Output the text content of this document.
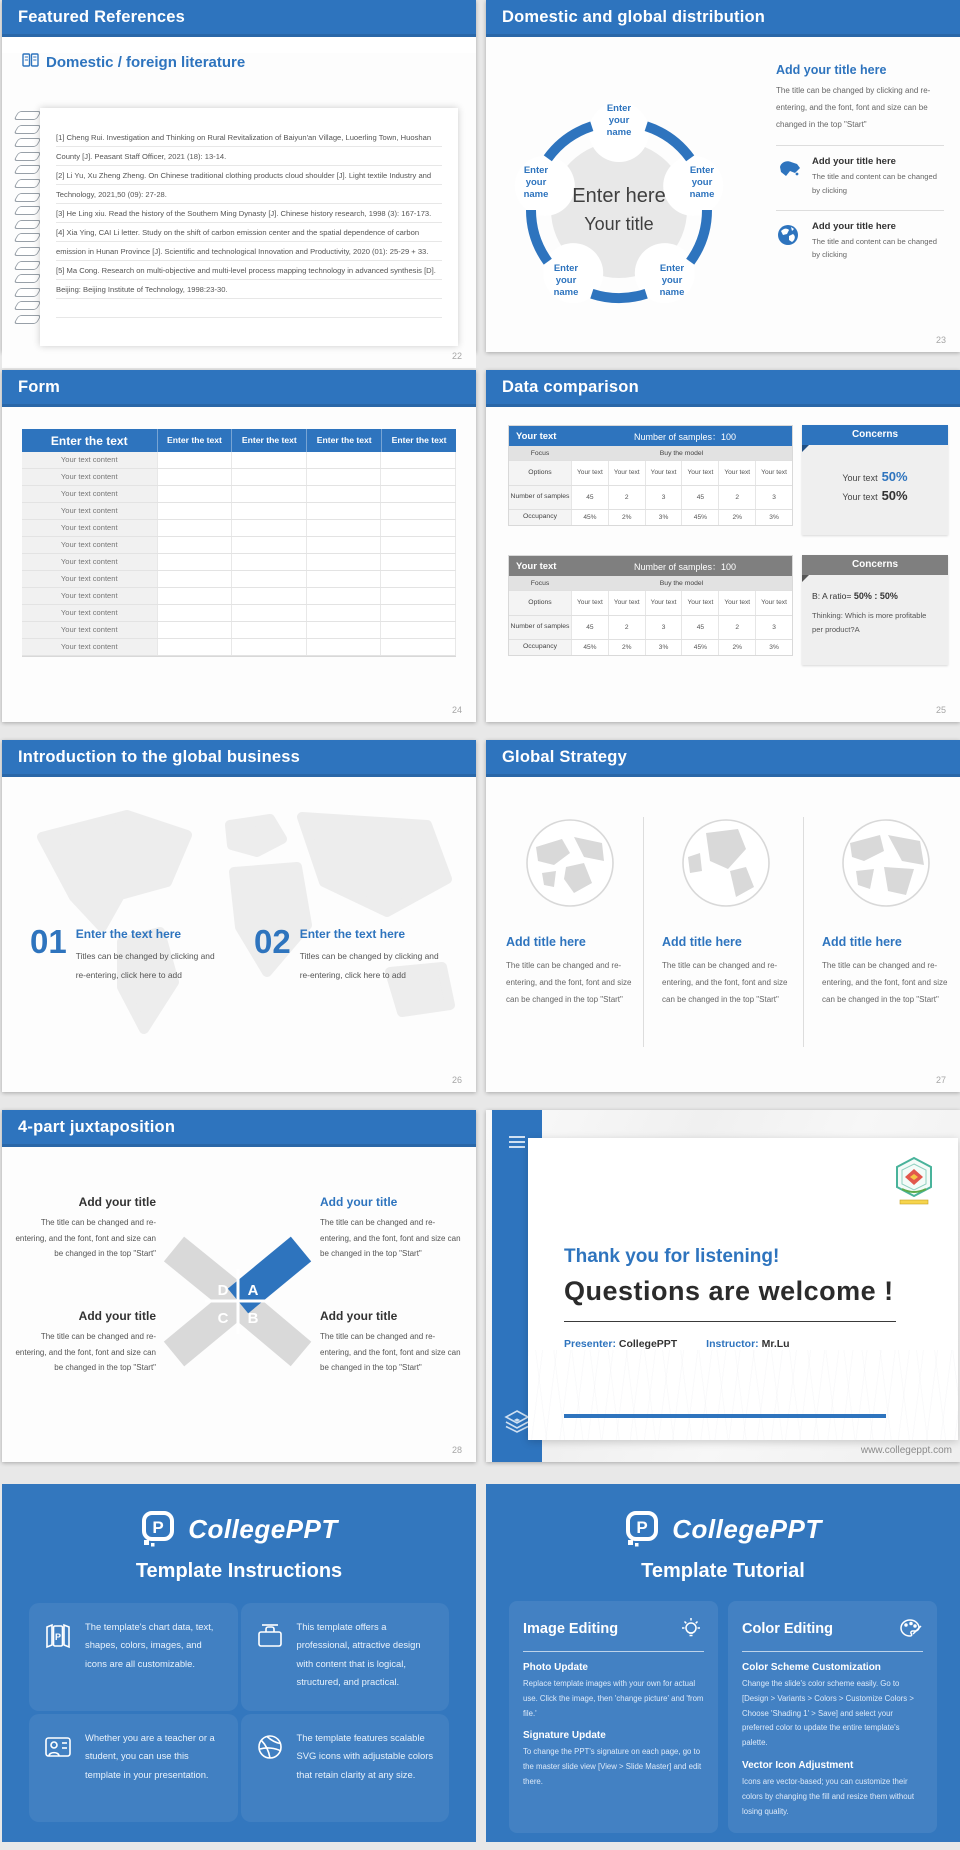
Featured References
Domestic / foreign literature

[1] Cheng Rui. Investigation and Thinking on Rural Revitalization of Baiyun'an Village, Luoerling Town, Huoshan County [J]. Peasant Staff Officer, 2021 (18): 13-14.

[2] Li Yu, Xu Zheng Zheng. On Chinese traditional clothing products cloud shoulder [J]. Light textile Industry and Technology, 2021,50 (09): 27-28.

[3] He Ling xiu. Read the history of the Southern Ming Dynasty [J]. Chinese history research, 1998 (3): 167-173.

[4] Xia Ying, CAI Li letter. Study on the shift of carbon emission center and the spatial dependence of carbon emission in Hunan Province [J]. Scientific and technological Innovation and Productivity, 2020 (01): 25-29 + 33.

[5] Ma Cong. Research on multi-objective and multi-level process mapping technology in advanced synthesis [D]. Beijing: Beijing Institute of Technology, 1998:23-30.

22
Domestic and global distribution
Enter your name
Enter your name
Enter your name
Enter your name
Enter your name	Enter here
Your title
Add your title here

The title can be changed by clicking and re-entering, and the font, font and size can be changed in the top "Start"

Add your title here

The title and content can be changed by clicking

Add your title here

The title and content can be changed by clicking

23
Form
Enter the text	Enter the text	Enter the text	Enter the text	Enter the text
Your text content
Your text content
Your text content
Your text content
Your text content
Your text content
Your text content
Your text content
Your text content
Your text content
Your text content
Your text content
24
Data comparison
Your text	Number of samples：100
Focus	Buy the model
Options	Your text	Your text	Your text	Your text	Your text	Your text
Number of samples	45	2	3	45	2	3
Occupancy	45%	2%	3%	45%	2%	3%
Your text	Number of samples：100
Focus	Buy the model
Options	Your text	Your text	Your text	Your text	Your text	Your text
Number of samples	45	2	3	45	2	3
Occupancy	45%	2%	3%	45%	2%	3%
Concerns
Your text 50%
Your text 50%
Concerns
B: A ratio= 50% : 50%
Thinking: Which is more profitable per product?A
25
Introduction to the global business
01 Enter the text here

Titles can be changed by clicking and re-entering, click here to add

02 Enter the text here

Titles can be changed by clicking and re-entering, click here to add

26
Global Strategy
Add title here

The title can be changed and re-entering, and the font, font and size can be changed in the top "Start"

Add title here

The title can be changed and re-entering, and the font, font and size can be changed in the top "Start"

Add title here

The title can be changed and re-entering, and the font, font and size can be changed in the top "Start"

27
4-part juxtaposition
Add your title

The title can be changed and re-entering, and the font, font and size can be changed in the top "Start"

Add your title

The title can be changed and re-entering, and the font, font and size can be changed in the top "Start"

Add your title

The title can be changed and re-entering, and the font, font and size can be changed in the top "Start"

Add your title

The title can be changed and re-entering, and the font, font and size can be changed in the top "Start"

D A
C B
28

Thank you for listening!

Questions are welcome !

Presenter: CollegePPT	Instructor: Mr.Lu
www.collegeppt.com
P CollegePPT
Template Instructions
P

The template's chart data, text, shapes, colors, images, and icons are all customizable.

This template offers a professional, attractive design with content that is logical, structured, and practical.

Whether you are a teacher or a student, you can use this template in your presentation.

The template features scalable SVG icons with adjustable colors that retain clarity at any size.

P CollegePPT
Template Tutorial
Image Editing
Photo Update

Replace template images with your own for actual use. Click the image, then 'change picture' and 'from file.'

Signature Update

To change the PPT's signature on each page, go to the master slide view [View > Slide Master] and edit there.

Color Editing
Color Scheme Customization

Change the slide's color scheme easily. Go to [Design > Variants > Colors > Customize Colors > Choose 'Shading 1' > Save] and select your preferred color to update the entire template's palette.

Vector Icon Adjustment

Icons are vector-based; you can customize their colors by changing the fill and resize them without losing quality.
